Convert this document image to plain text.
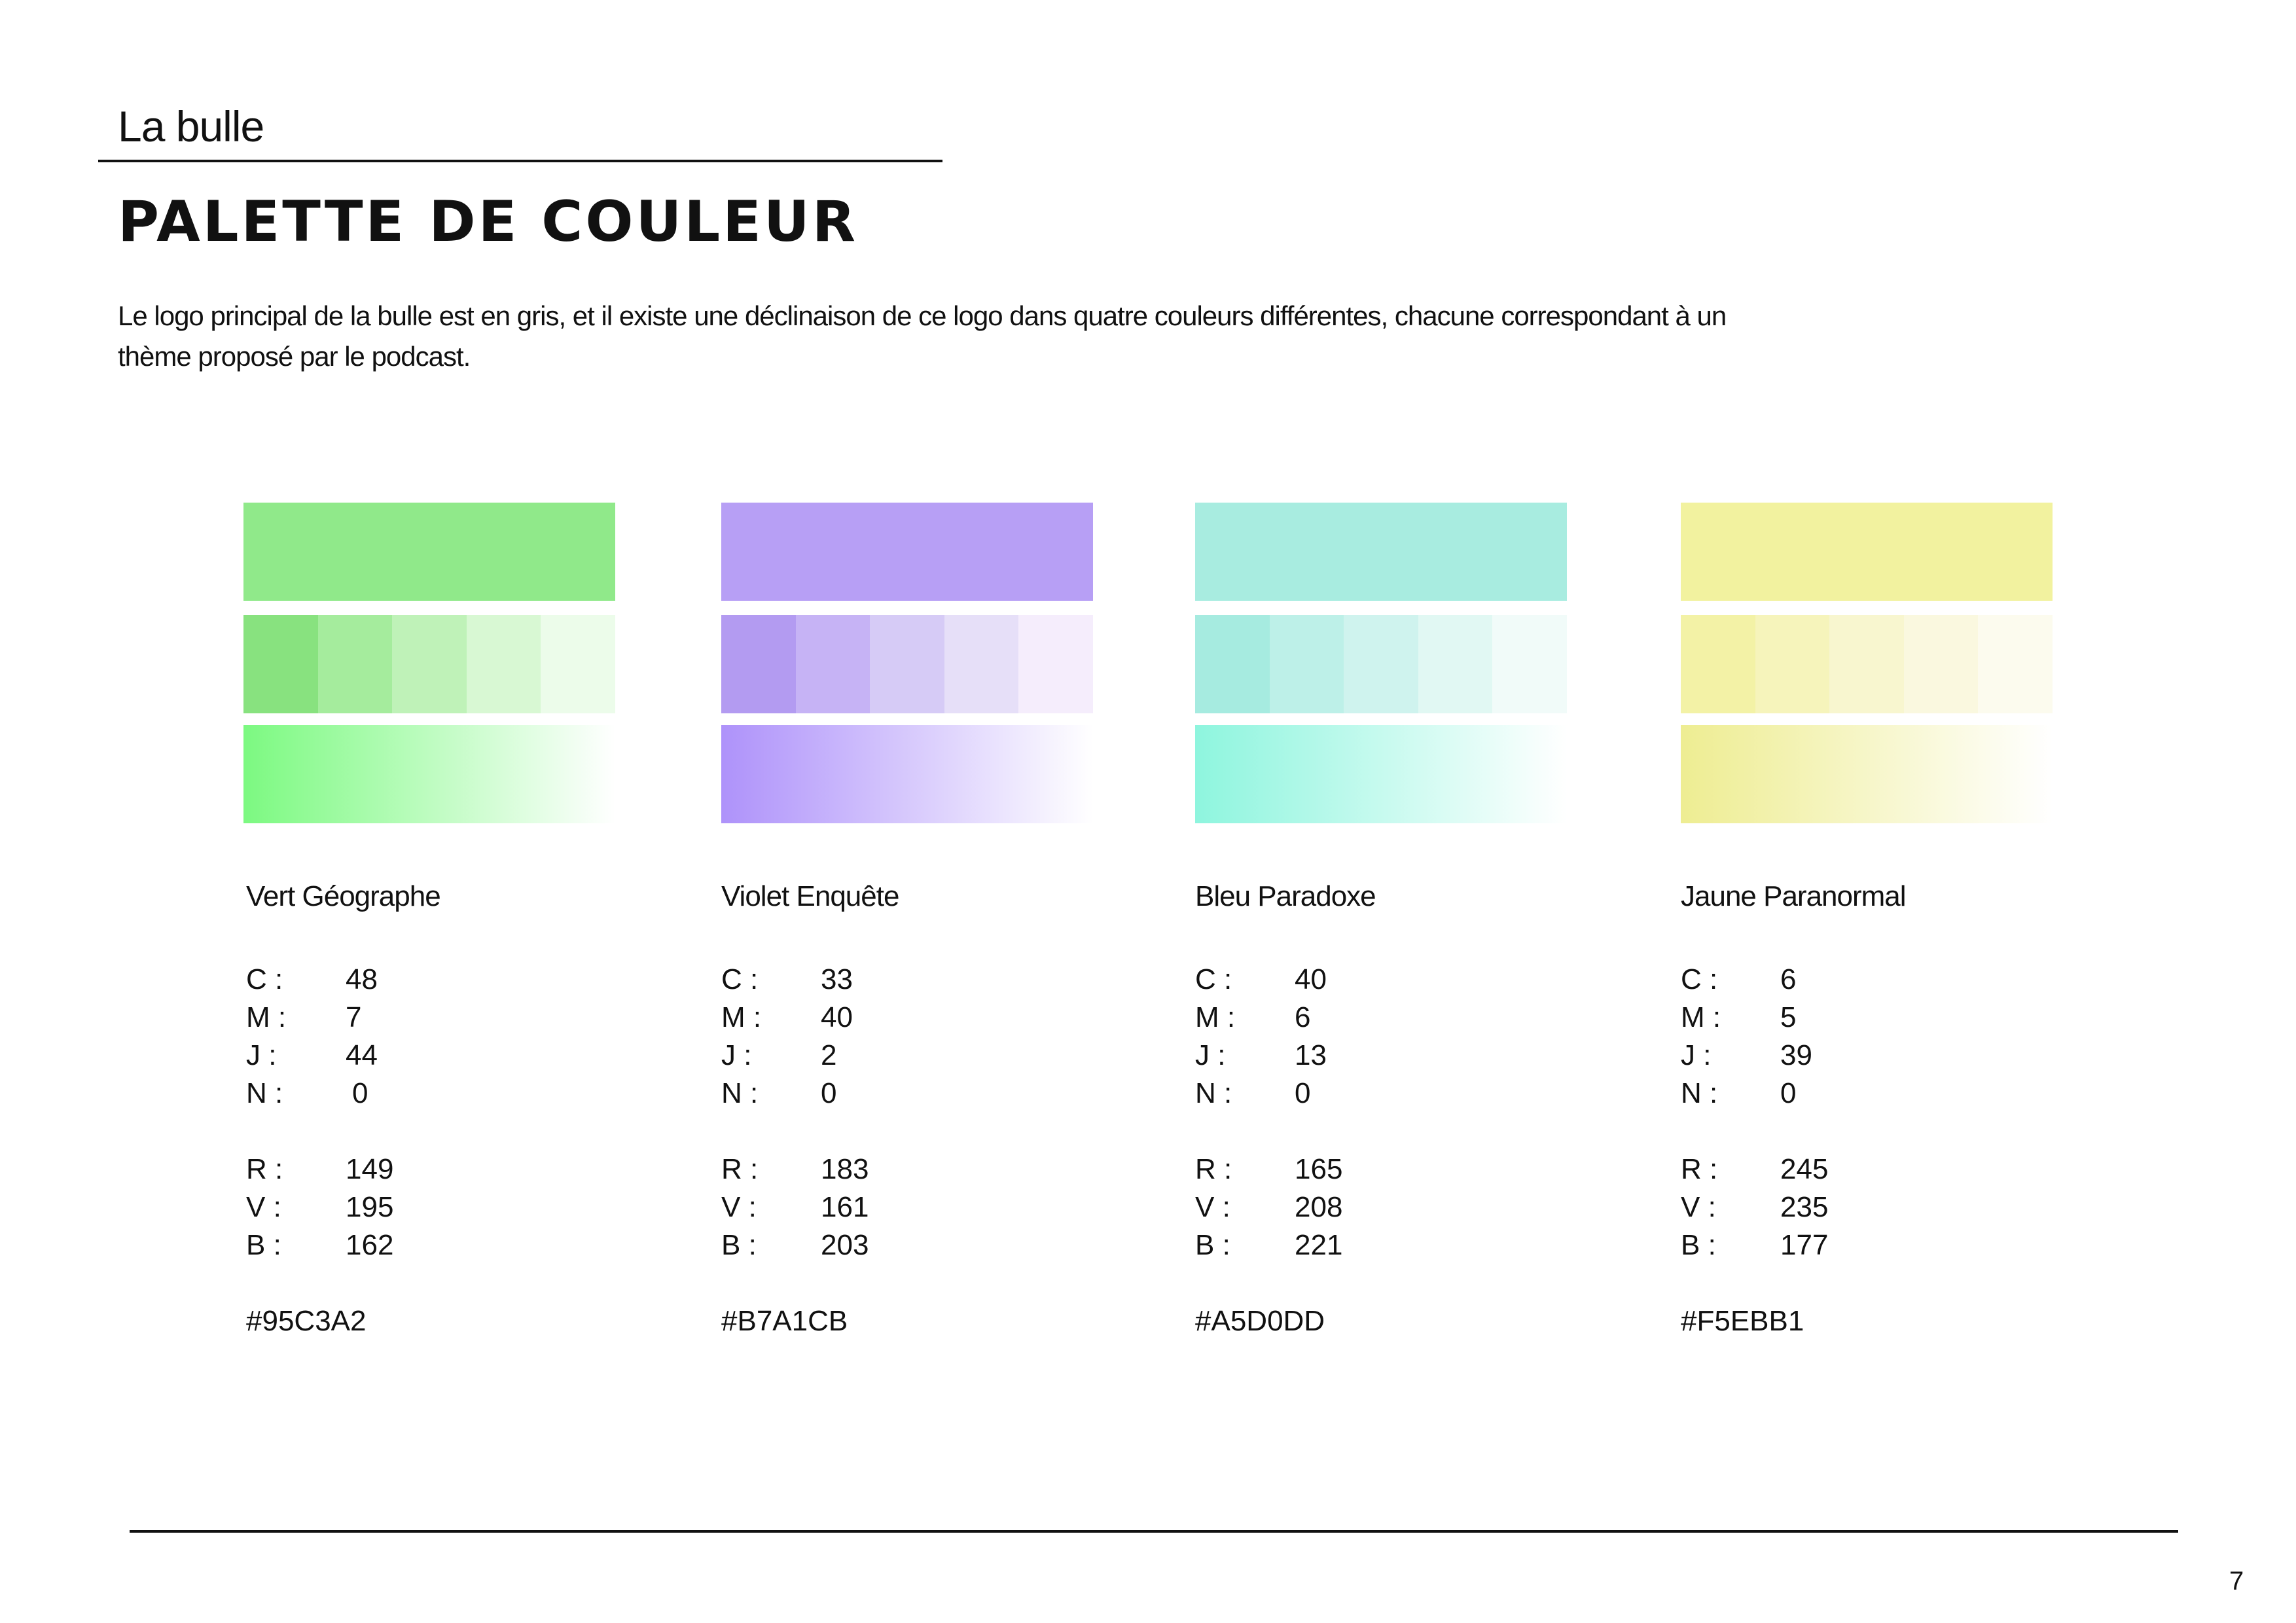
La bulle
PALETTE DE COULEUR
Le logo principal de la bulle est en gris, et il existe une déclinaison de ce logo dans quatre couleurs différentes, chacune correspondant à un
thème proposé par le podcast.
Vert Géographe
C :	48
M :	7
J :	44
N :	0
R :	149
V :	195
B :	162
#95C3A2
Violet Enquête
C :	33
M :	40
J :	2
N :	0
R :	183
V :	161
B :	203
#B7A1CB
Bleu Paradoxe
C :	40
M :	6
J :	13
N :	0
R :	165
V :	208
B :	221
#A5D0DD
Jaune Paranormal
C :	6
M :	5
J :	39
N :	0
R :	245
V :	235
B :	177
#F5EBB1
7
